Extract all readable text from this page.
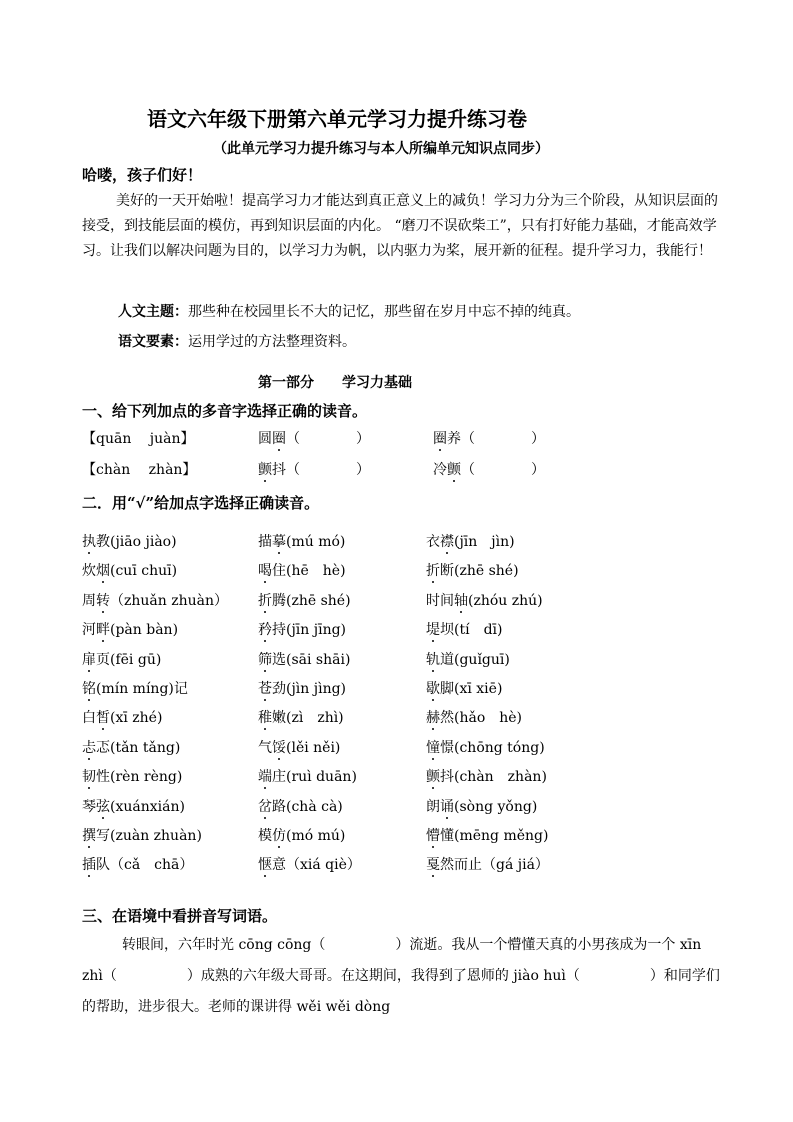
语文六年级下册第六单元学习力提升练习卷
（此单元学习力提升练习与本人所编单元知识点同步）
哈喽，孩子们好！
美好的一天开始啦！提高学习力才能达到真正意义上的减负！学习力分为三个阶段，从知识层面的接受，到技能层面的模仿，再到知识层面的内化。 “磨刀不误砍柴工”，只有打好能力基础，才能高效学习。让我们以解决问题为目的，以学习力为帆，以内驱力为桨，展开新的征程。提升学习力，我能行！
人文主题：那些种在校园里长不大的记忆，那些留在岁月中忘不掉的纯真。
语文要素：运用学过的方法整理资料。
第一部分 学习力基础
一、给下列加点的多音字选择正确的读音。
【quān　 juàn】	圆圈（　　　　）	圈养（　　　　）
【chàn　 zhàn】	颤抖（　　　　）	冷颤（　　　　）
二．用“√”给加点字选择正确读音。
执教(jiāo jiào)	描摹(mú mó)	衣襟(jīn　jìn)
炊烟(cuī chuī)	喝住(hē　hè)	折断(zhē shé)
周转（zhuǎn zhuàn） 折腾(zhē shé)	时间轴(zhóu zhú)
河畔(pàn bàn)	矜持(jīn jīng)	堤坝(tí　dī)
扉页(fēi gū)	筛选(sāi shāi)	轨道(guǐguī)
铭(mín míng)记	苍劲(jìn jìng)	歇脚(xī xiē)
白皙(xī zhé)	稚嫩(zì　zhì)	赫然(hǎo　hè)
忐忑(tǎn tǎng)	气馁(lěi něi)	憧憬(chōng tóng)
韧性(rèn rèng)	端庄(ruì duān)	颤抖(chàn　zhàn)
琴弦(xuánxián)	岔路(chà cà)	朗诵(sòng yǒng)
撰写(zuàn zhuàn)	模仿(mó mú)	懵懂(mēng měng)
插队（cǎ　chā）	惬意（xiá qiè）	戛然而止（gá jiá）
三、在语境中看拼音写词语。
转眼间，六年时光 cōng cōng（　　　　　）流逝。我从一个懵懂天真的小男孩成为一个 xīn zhì（　　　　　）成熟的六年级大哥哥。在这期间，我得到了恩师的 jiào huì（　　　　　）和同学们的帮助，进步很大。老师的课讲得 wěi wěi dòng
